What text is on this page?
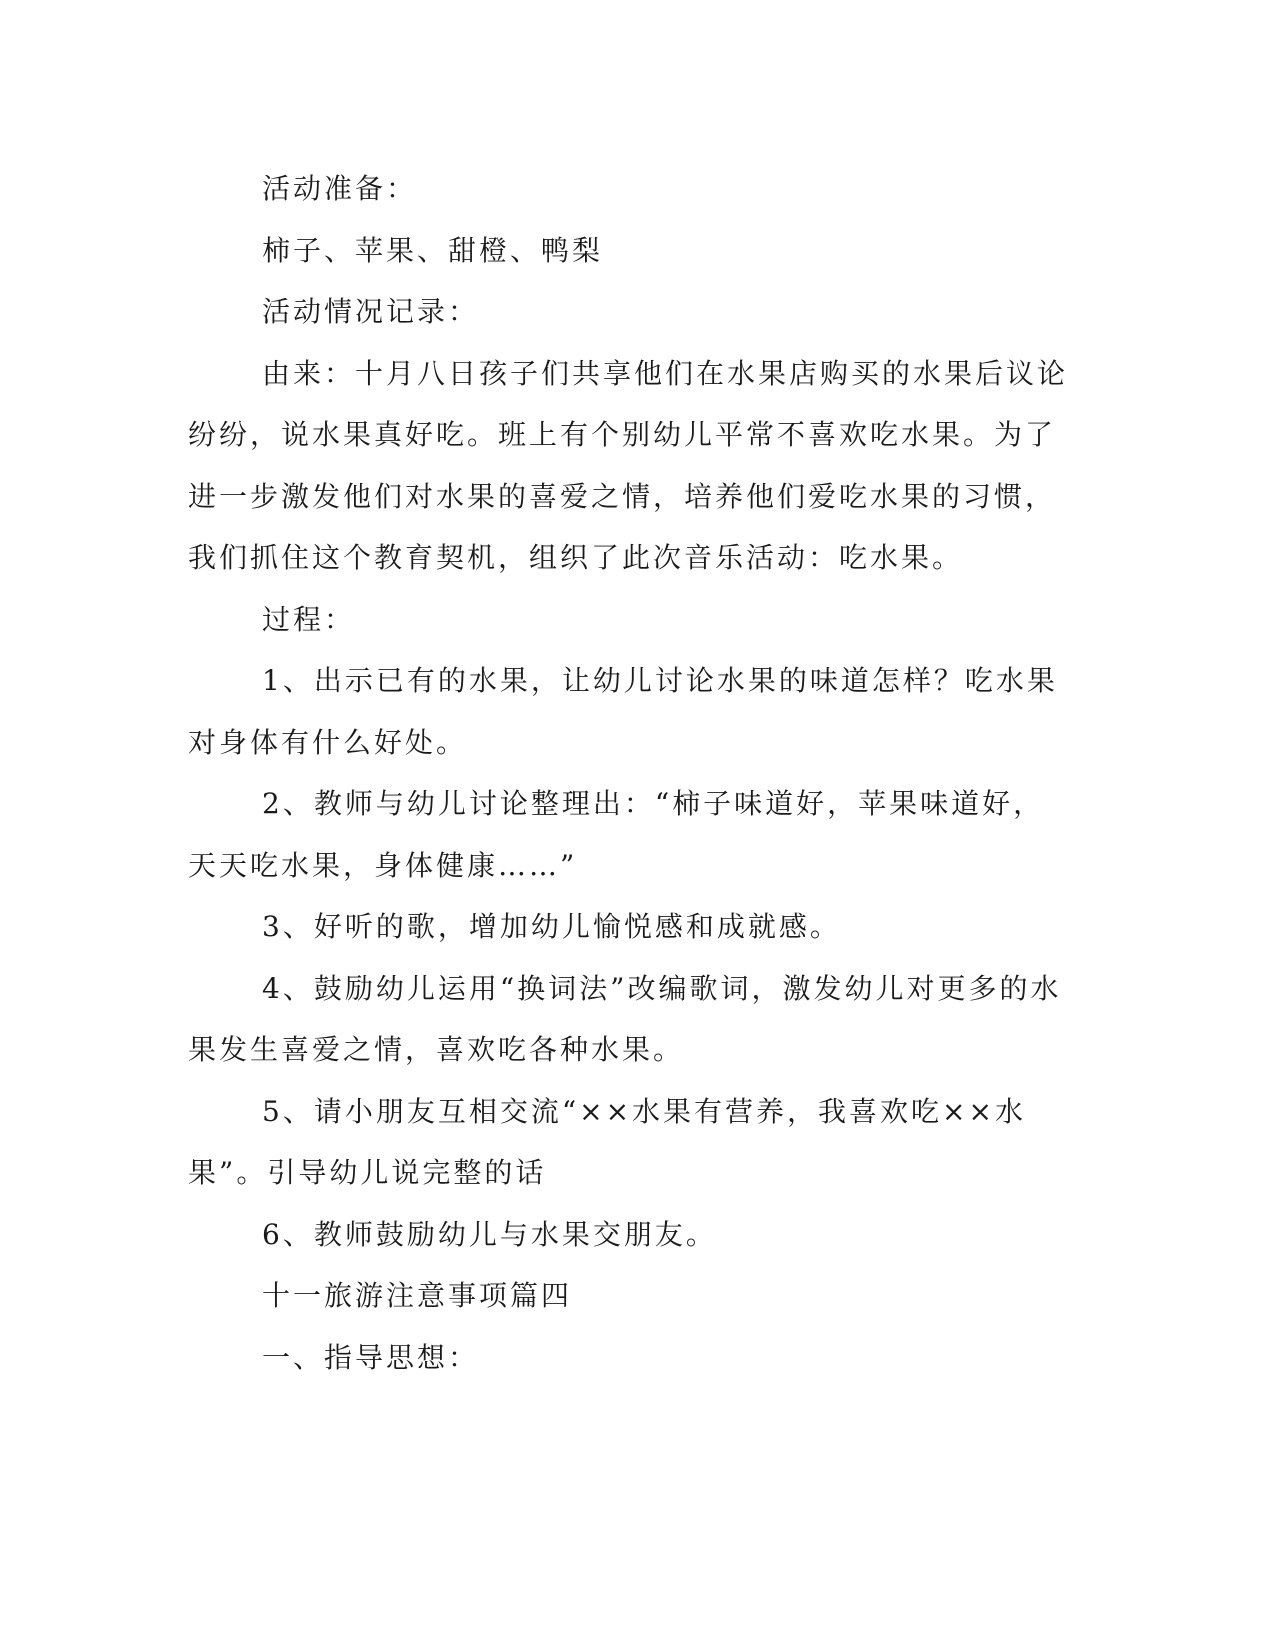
活动准备：

柿子、苹果、甜橙、鸭梨

活动情况记录：

由来：十月八日孩子们共享他们在水果店购买的水果后议论纷纷，说水果真好吃。班上有个别幼儿平常不喜欢吃水果。为了进一步激发他们对水果的喜爱之情，培养他们爱吃水果的习惯，我们抓住这个教育契机，组织了此次音乐活动：吃水果。

过程：

1、出示已有的水果，让幼儿讨论水果的味道怎样？吃水果对身体有什么好处。

2、教师与幼儿讨论整理出：“柿子味道好，苹果味道好，天天吃水果，身体健康……”

3、好听的歌，增加幼儿愉悦感和成就感。

4、鼓励幼儿运用“换词法”改编歌词，激发幼儿对更多的水果发生喜爱之情，喜欢吃各种水果。

5、请小朋友互相交流“××水果有营养，我喜欢吃××水果”。引导幼儿说完整的话

6、教师鼓励幼儿与水果交朋友。

十一旅游注意事项篇四

一、指导思想：
